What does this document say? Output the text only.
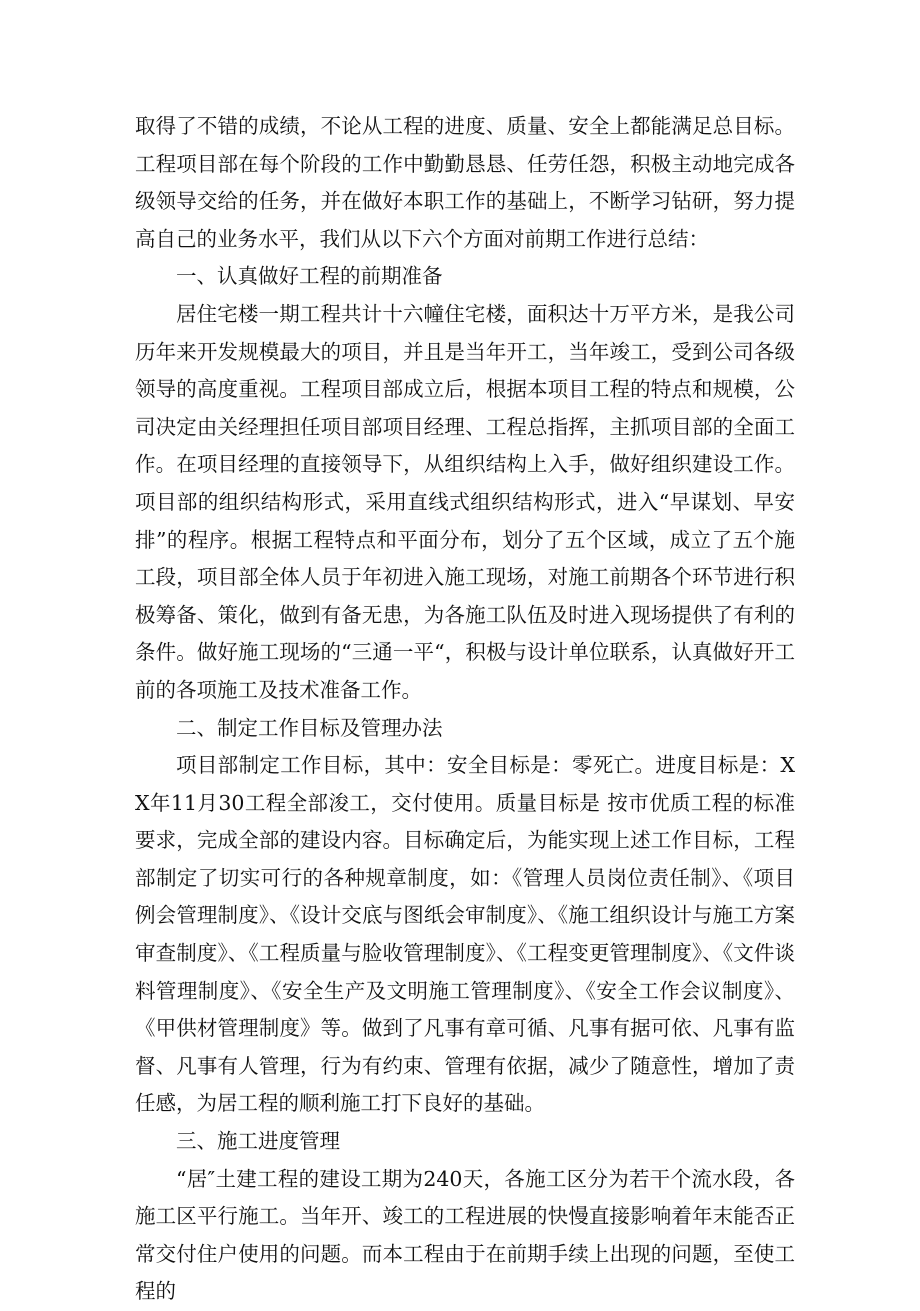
取得了不错的成绩，不论从工程的进度、质量、安全上都能满足总目标。工程项目部在每个阶段的工作中勤勤恳恳、任劳任怨，积极主动地完成各级领导交给的任务，并在做好本职工作的基础上，不断学习钻研，努力提高自己的业务水平，我们从以下六个方面对前期工作进行总结：

一、认真做好工程的前期准备

居住宅楼一期工程共计十六幢住宅楼，面积达十万平方米，是我公司历年来开发规模最大的项目，并且是当年开工，当年竣工，受到公司各级领导的高度重视。工程项目部成立后，根据本项目工程的特点和规模，公司决定由关经理担任项目部项目经理、工程总指挥，主抓项目部的全面工作。在项目经理的直接领导下，从组织结构上入手，做好组织建设工作。项目部的组织结构形式，采用直线式组织结构形式，进入“早谋划、早安排”的程序。根据工程特点和平面分布，划分了五个区域，成立了五个施工段，项目部全体人员于年初进入施工现场，对施工前期各个环节进行积极筹备、策化，做到有备无患，为各施工队伍及时进入现场提供了有利的条件。做好施工现场的“三通一平“，积极与设计单位联系，认真做好开工前的各项施工及技术准备工作。

二、制定工作目标及管理办法

项目部制定工作目标，其中：安全目标是：零死亡。进度目标是：XX年11月30工程全部浚工，交付使用。质量目标是 按市优质工程的标准要求，完成全部的建设内容。目标确定后，为能实现上述工作目标，工程部制定了切实可行的各种规章制度，如：《管理人员岗位责任制》、《项目例会管理制度》、《设计交底与图纸会审制度》、《施工组织设计与施工方案审查制度》、《工程质量与脸收管理制度》、《工程变更管理制度》、《文件谈料管理制度》、《安全生产及文明施工管理制度》、《安全工作会议制度》、《甲供材管理制度》等。做到了凡事有章可循、凡事有据可依、凡事有监督、凡事有人管理，行为有约束、管理有依据，减少了随意性，增加了责任感，为居工程的顺利施工打下良好的基础。

三、施工进度管理

“居″土建工程的建设工期为240天，各施工区分为若干个流水段，各施工区平行施工。当年开、竣工的工程进展的快慢直接影响着年末能否正常交付住户使用的问题。而本工程由于在前期手续上出现的问题，至使工程的
